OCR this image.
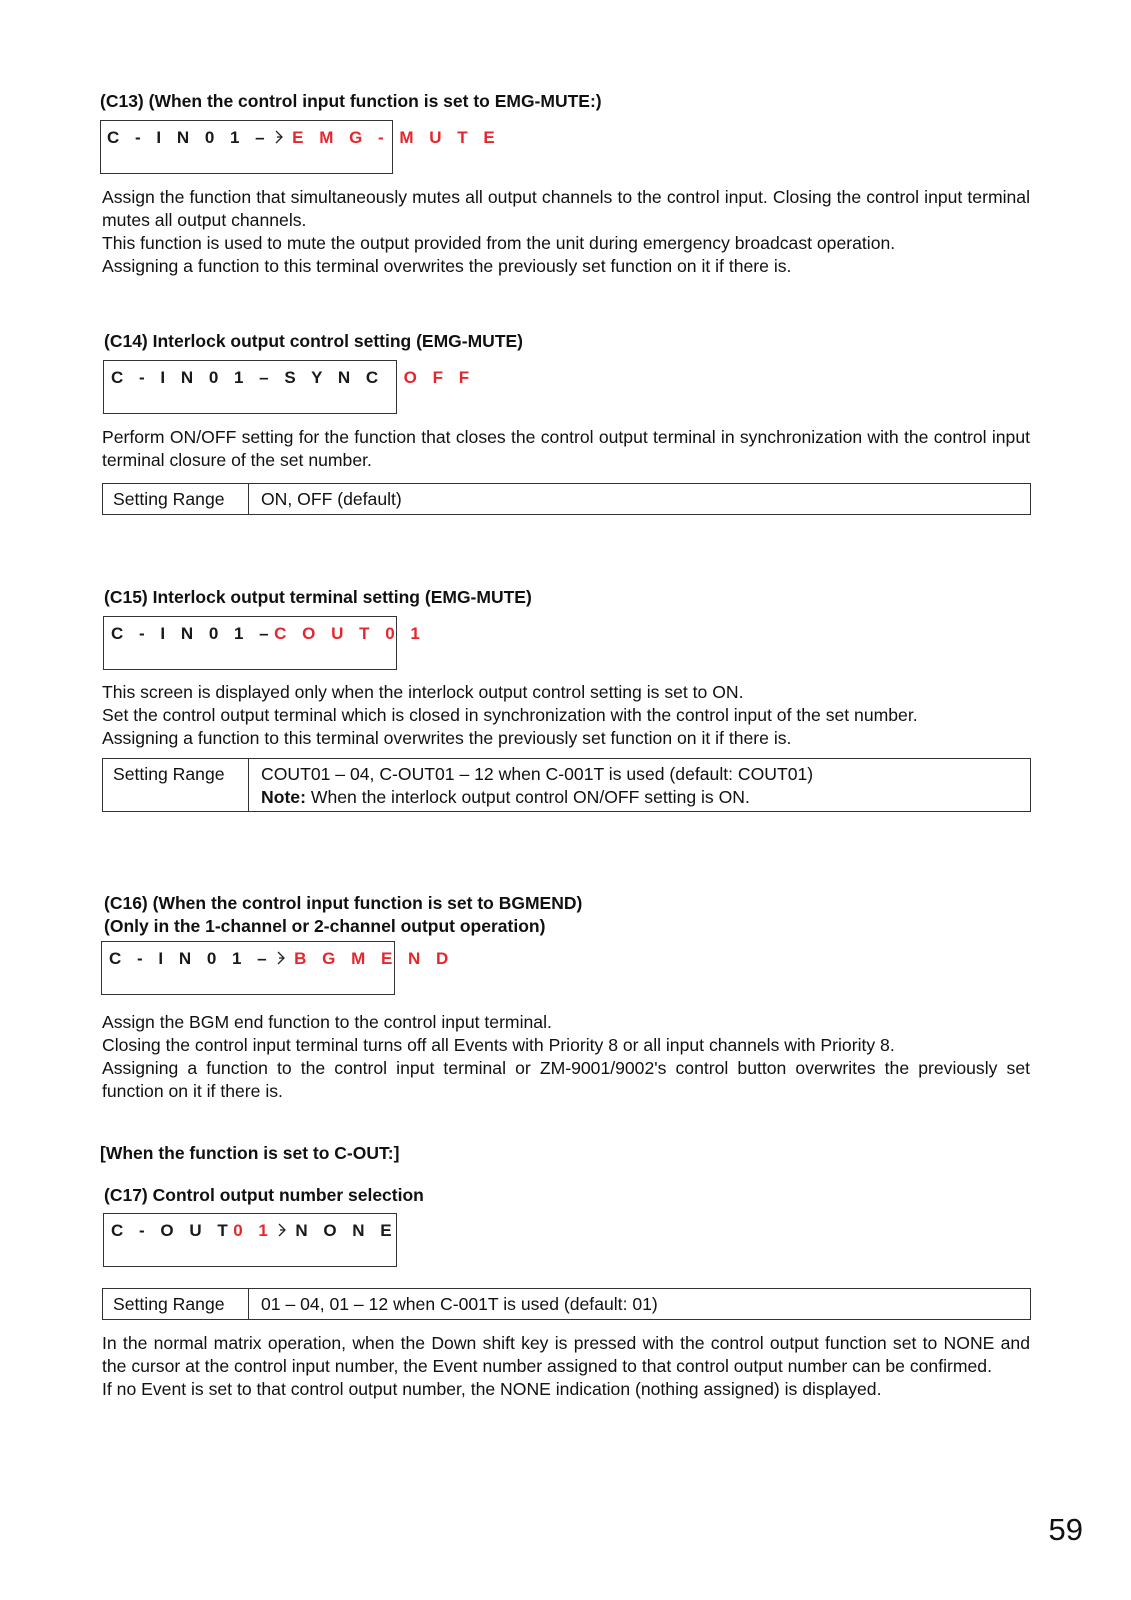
(C13) (When the control input function is set to EMG-MUTE:)
C - I N 0 1 – E M G - M U T E

Assign the function that simultaneously mutes all output channels to the control input. Closing the control input terminal mutes all output channels.

This function is used to mute the output provided from the unit during emergency broadcast operation.

Assigning a function to this terminal overwrites the previously set function on it if there is.

(C14) Interlock output control setting (EMG-MUTE)
C - I N 0 1 – S Y N C O F F

Perform ON/OFF setting for the function that closes the control output terminal in synchronization with the control input terminal closure of the set number.

Setting Range	ON, OFF (default)
(C15) Interlock output terminal setting (EMG-MUTE)
C - I N 0 1 –C O U T 0 1

This screen is displayed only when the interlock output control setting is set to ON.

Set the control output terminal which is closed in synchronization with the control input of the set number.

Assigning a function to this terminal overwrites the previously set function on it if there is.

Setting Range	COUT01 – 04, C-OUT01 – 12 when C-001T is used (default: COUT01)
Note: When the interlock output control ON/OFF setting is ON.
(C16) (When the control input function is set to BGMEND)
(Only in the 1-channel or 2-channel output operation)
C - I N 0 1 – B G M E N D

Assign the BGM end function to the control input terminal.

Closing the control input terminal turns off all Events with Priority 8 or all input channels with Priority 8.

Assigning a function to the control input terminal or ZM-9001/9002's control button overwrites the previously set function on it if there is.

[When the function is set to C-OUT:]
(C17) Control output number selection
C - O U T0 1 N O N E
Setting Range	01 – 04, 01 – 12 when C-001T is used (default: 01)

In the normal matrix operation, when the Down shift key is pressed with the control output function set to NONE and the cursor at the control input number, the Event number assigned to that control output number can be confirmed.

If no Event is set to that control output number, the NONE indication (nothing assigned) is displayed.

59
